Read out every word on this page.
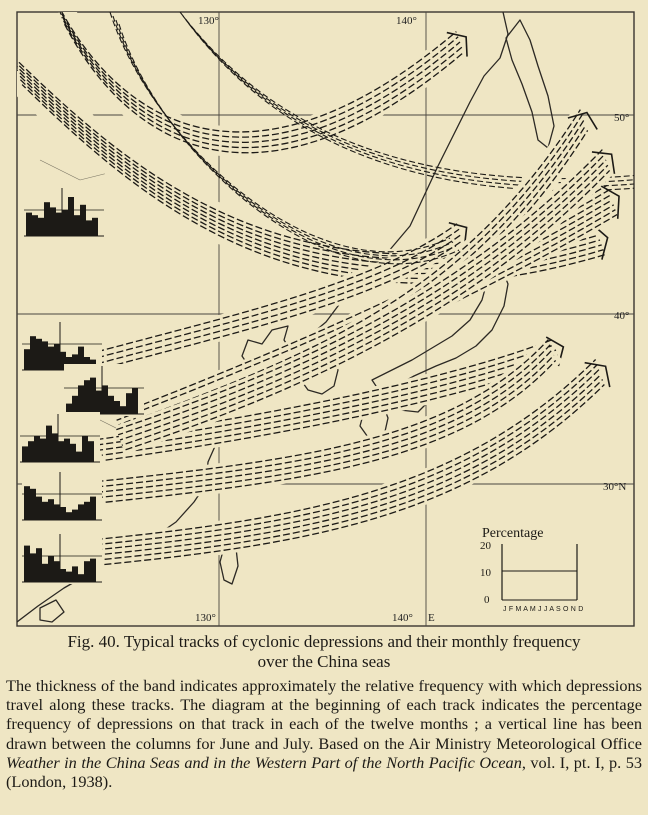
130°	140°
50°
40°
30°N
130°	140° E
Percentage
20
10
0
J F M A M J J A S O N D
Fig. 40. Typical tracks of cyclonic depressions and their monthly frequency
over the China seas
The thickness of the band indicates approximately the relative frequency with which depressions travel along these tracks. The diagram at the beginning of each track indicates the percentage frequency of depressions on that track in each of the twelve months ; a vertical line has been drawn between the columns for June and July. Based on the Air Ministry Meteorological Office Weather in the China Seas and in the Western Part of the North Pacific Ocean, vol. I, pt. I, p. 53 (London, 1938).
